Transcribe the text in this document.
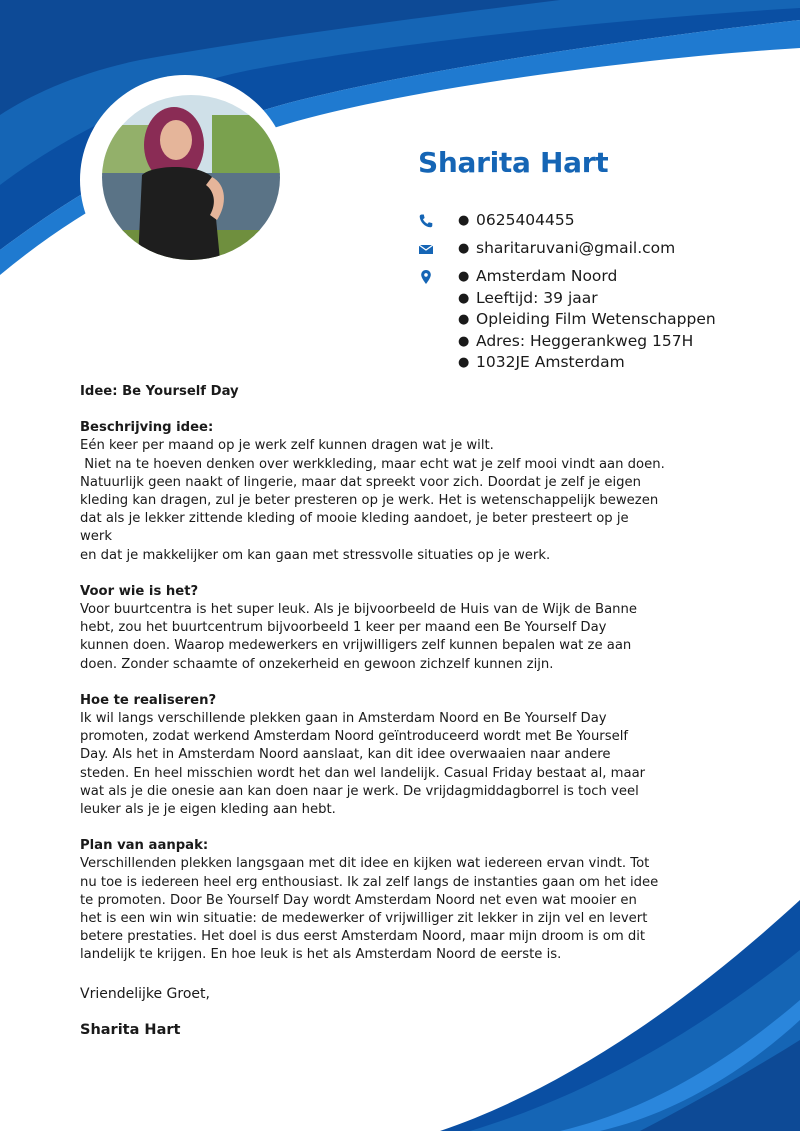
Sharita Hart
● 0625404455
● sharitaruvani@gmail.com
● Amsterdam Noord
● Leeftijd: 39 jaar
● Opleiding Film Wetenschappen
● Adres: Heggerankweg 157H
● 1032JE Amsterdam
Idee: Be Yourself Day
Beschrijving idee:
Eén keer per maand op je werk zelf kunnen dragen wat je wilt.
Niet na te hoeven denken over werkkleding, maar echt wat je zelf mooi vindt aan doen.
Natuurlijk geen naakt of lingerie, maar dat spreekt voor zich. Doordat je zelf je eigen
kleding kan dragen, zul je beter presteren op je werk. Het is wetenschappelijk bewezen
dat als je lekker zittende kleding of mooie kleding aandoet, je beter presteert op je werk
en dat je makkelijker om kan gaan met stressvolle situaties op je werk.
Voor wie is het?
Voor buurtcentra is het super leuk. Als je bijvoorbeeld de Huis van de Wijk de Banne
hebt, zou het buurtcentrum bijvoorbeeld 1 keer per maand een Be Yourself Day
kunnen doen. Waarop medewerkers en vrijwilligers zelf kunnen bepalen wat ze aan
doen. Zonder schaamte of onzekerheid en gewoon zichzelf kunnen zijn.
Hoe te realiseren?
Ik wil langs verschillende plekken gaan in Amsterdam Noord en Be Yourself Day
promoten, zodat werkend Amsterdam Noord geïntroduceerd wordt met Be Yourself
Day. Als het in Amsterdam Noord aanslaat, kan dit idee overwaaien naar andere
steden. En heel misschien wordt het dan wel landelijk. Casual Friday bestaat al, maar
wat als je die onesie aan kan doen naar je werk. De vrijdagmiddagborrel is toch veel
leuker als je je eigen kleding aan hebt.
Plan van aanpak:
Verschillenden plekken langsgaan met dit idee en kijken wat iedereen ervan vindt. Tot
nu toe is iedereen heel erg enthousiast. Ik zal zelf langs de instanties gaan om het idee
te promoten. Door Be Yourself Day wordt Amsterdam Noord net even wat mooier en
het is een win win situatie: de medewerker of vrijwilliger zit lekker in zijn vel en levert
betere prestaties. Het doel is dus eerst Amsterdam Noord, maar mijn droom is om dit
landelijk te krijgen. En hoe leuk is het als Amsterdam Noord de eerste is.
Vriendelijke Groet,
Sharita Hart
